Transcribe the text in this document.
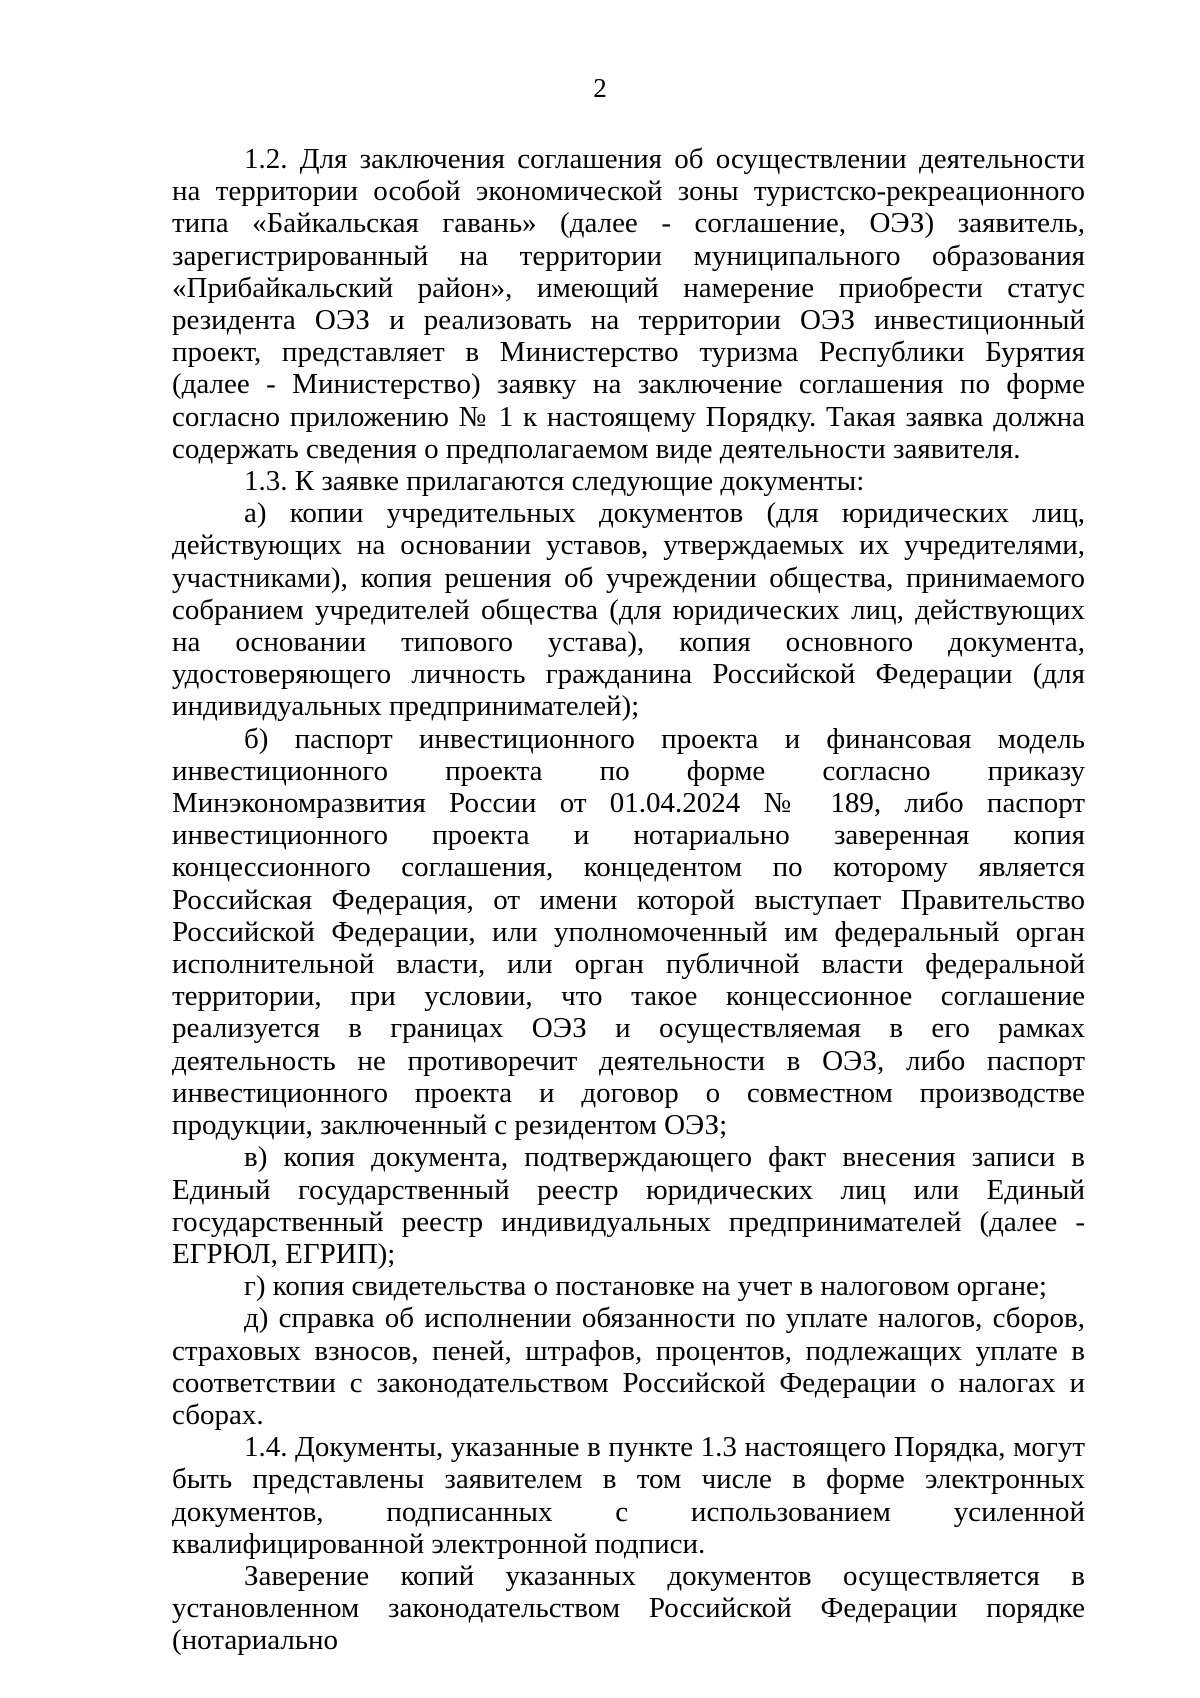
2

1.2. Для заключения соглашения об осуществлении деятельности на территории особой экономической зоны туристско-рекреационного типа «Байкальская гавань» (далее - соглашение, ОЭЗ) заявитель, зарегистрированный на территории муниципального образования «Прибайкальский район», имеющий намерение приобрести статус резидента ОЭЗ и реализовать на территории ОЭЗ инвестиционный проект, представляет в Министерство туризма Республики Бурятия (далее - Министерство) заявку на заключение соглашения по форме согласно приложению № 1 к настоящему Порядку. Такая заявка должна содержать сведения о предполагаемом виде деятельности заявителя.

1.3. К заявке прилагаются следующие документы:

а) копии учредительных документов (для юридических лиц, действующих на основании уставов, утверждаемых их учредителями, участниками), копия решения об учреждении общества, принимаемого собранием учредителей общества (для юридических лиц, действующих на основании типового устава), копия основного документа, удостоверяющего личность гражданина Российской Федерации (для индивидуальных предпринимателей);

б) паспорт инвестиционного проекта и финансовая модель инвестиционного проекта по форме согласно приказу Минэкономразвития России от 01.04.2024 № 189, либо паспорт инвестиционного проекта и нотариально заверенная копия концессионного соглашения, концедентом по которому является Российская Федерация, от имени которой выступает Правительство Российской Федерации, или уполномоченный им федеральный орган исполнительной власти, или орган публичной власти федеральной территории, при условии, что такое концессионное соглашение реализуется в границах ОЭЗ и осуществляемая в его рамках деятельность не противоречит деятельности в ОЭЗ, либо паспорт инвестиционного проекта и договор о совместном производстве продукции, заключенный с резидентом ОЭЗ;

в) копия документа, подтверждающего факт внесения записи в Единый государственный реестр юридических лиц или Единый государственный реестр индивидуальных предпринимателей (далее - ЕГРЮЛ, ЕГРИП);

г) копия свидетельства о постановке на учет в налоговом органе;

д) справка об исполнении обязанности по уплате налогов, сборов, страховых взносов, пеней, штрафов, процентов, подлежащих уплате в соответствии с законодательством Российской Федерации о налогах и сборах.

1.4. Документы, указанные в пункте 1.3 настоящего Порядка, могут быть представлены заявителем в том числе в форме электронных документов, подписанных с использованием усиленной квалифицированной электронной подписи.

Заверение копий указанных документов осуществляется в установленном законодательством Российской Федерации порядке (нотариально
